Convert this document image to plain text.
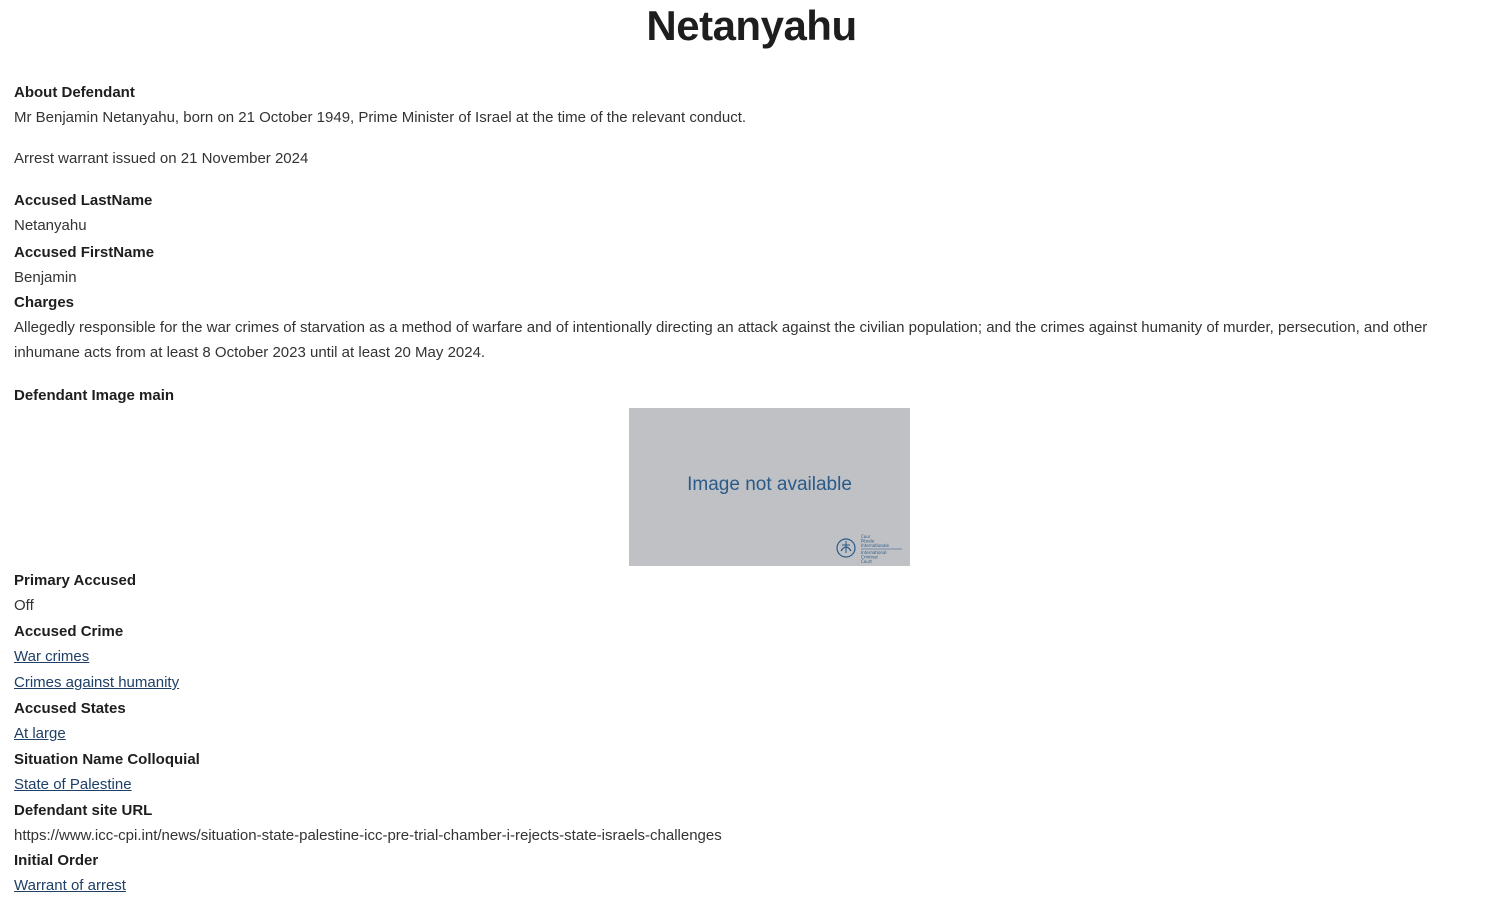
Netanyahu
About Defendant
Mr Benjamin Netanyahu, born on 21 October 1949, Prime Minister of Israel at the time of the relevant conduct.
Arrest warrant issued on 21 November 2024
Accused LastName
Netanyahu
Accused FirstName
Benjamin
Charges
Allegedly responsible for the war crimes of starvation as a method of warfare and of intentionally directing an attack against the civilian population; and the crimes against humanity of murder, persecution, and other
inhumane acts from at least 8 October 2023 until at least 20 May 2024.
Defendant Image main
Image not available
Cour
Pénale
Internationale
International
Criminal
Court
Primary Accused
Off
Accused Crime
War crimes
Crimes against humanity
Accused States
At large
Situation Name Colloquial
State of Palestine
Defendant site URL
https://www.icc-cpi.int/news/situation-state-palestine-icc-pre-trial-chamber-i-rejects-state-israels-challenges
Initial Order
Warrant of arrest
